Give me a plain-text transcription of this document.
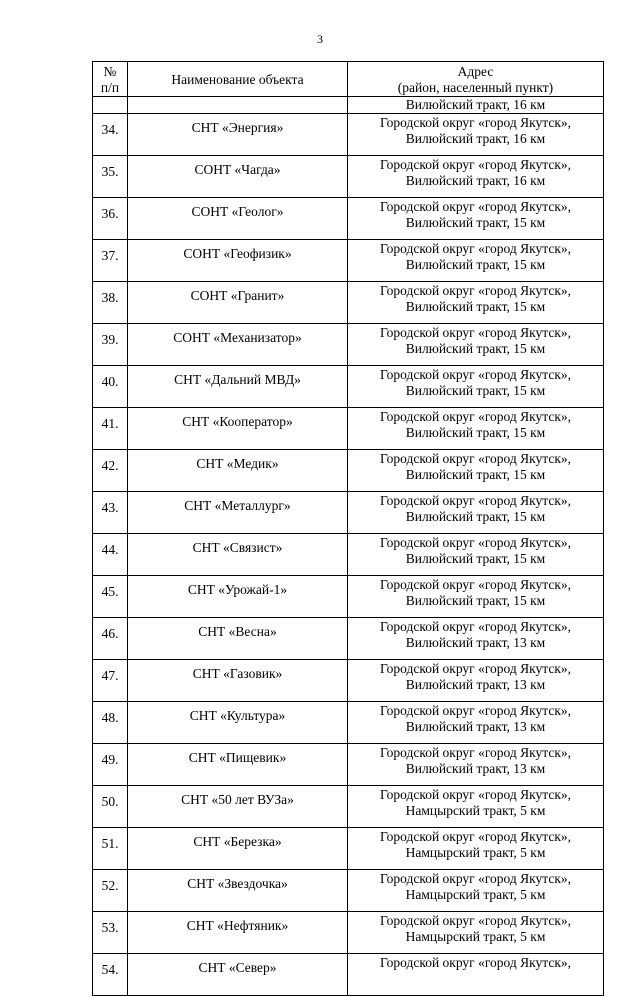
3
№
п/п	Наименование объекта	Адрес
(район, населенный пункт)

		Вилюйский тракт, 16 км
34.	СНТ «Энергия»	Городской округ «город Якутск»,
Вилюйский тракт, 16 км

35.	СОНТ «Чагда»	Городской округ «город Якутск»,
Вилюйский тракт, 16 км

36.	СОНТ «Геолог»	Городской округ «город Якутск»,
Вилюйский тракт, 15 км

37.	СОНТ «Геофизик»	Городской округ «город Якутск»,
Вилюйский тракт, 15 км

38.	СОНТ «Гранит»	Городской округ «город Якутск»,
Вилюйский тракт, 15 км

39.	СОНТ «Механизатор»	Городской округ «город Якутск»,
Вилюйский тракт, 15 км

40.	СНТ «Дальний МВД»	Городской округ «город Якутск»,
Вилюйский тракт, 15 км

41.	СНТ «Кооператор»	Городской округ «город Якутск»,
Вилюйский тракт, 15 км

42.	СНТ «Медик»	Городской округ «город Якутск»,
Вилюйский тракт, 15 км

43.	СНТ «Металлург»	Городской округ «город Якутск»,
Вилюйский тракт, 15 км

44.	СНТ «Связист»	Городской округ «город Якутск»,
Вилюйский тракт, 15 км

45.	СНТ «Урожай-1»	Городской округ «город Якутск»,
Вилюйский тракт, 15 км

46.	СНТ «Весна»	Городской округ «город Якутск»,
Вилюйский тракт, 13 км

47.	СНТ «Газовик»	Городской округ «город Якутск»,
Вилюйский тракт, 13 км

48.	СНТ «Культура»	Городской округ «город Якутск»,
Вилюйский тракт, 13 км

49.	СНТ «Пищевик»	Городской округ «город Якутск»,
Вилюйский тракт, 13 км

50.	СНТ «50 лет ВУЗа»	Городской округ «город Якутск»,
Намцырский тракт, 5 км

51.	СНТ «Березка»	Городской округ «город Якутск»,
Намцырский тракт, 5 км

52.	СНТ «Звездочка»	Городской округ «город Якутск»,
Намцырский тракт, 5 км

53.	СНТ «Нефтяник»	Городской округ «город Якутск»,
Намцырский тракт, 5 км

54.	СНТ «Север»	Городской округ «город Якутск»,
